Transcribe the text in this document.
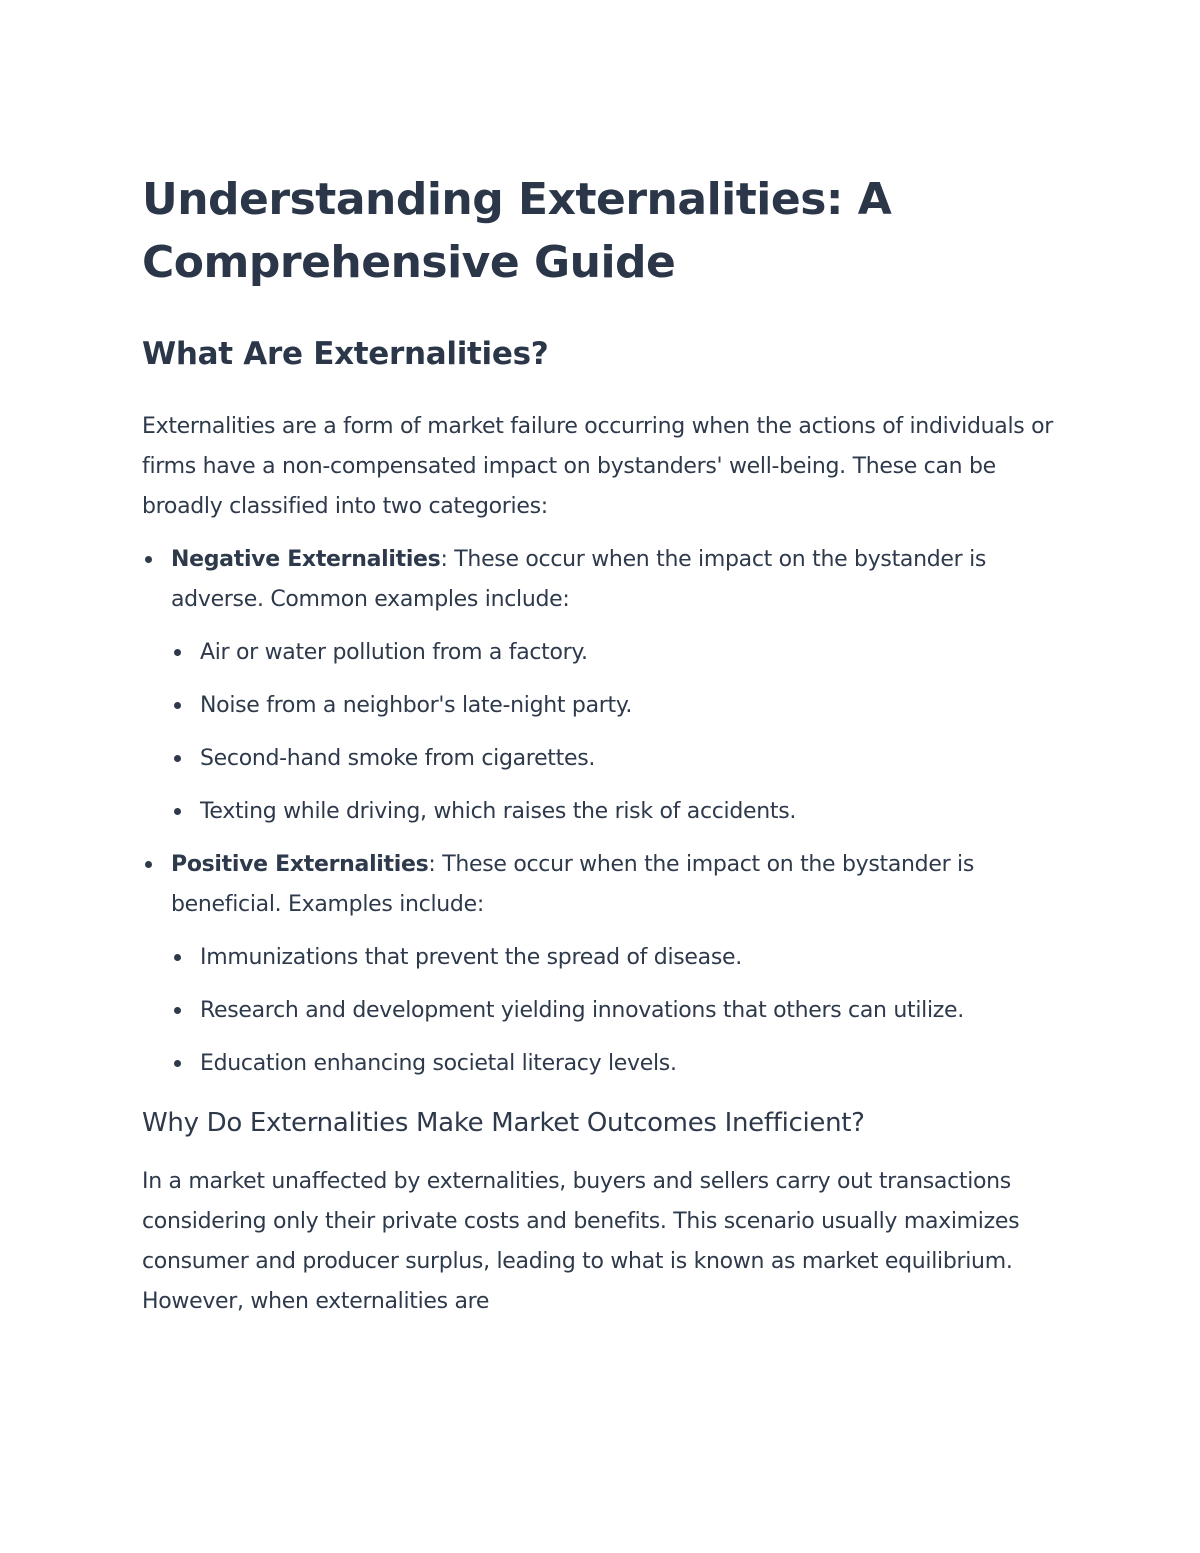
Understanding Externalities: A Comprehensive Guide
What Are Externalities?

Externalities are a form of market failure occurring when the actions of individuals or firms have a non-compensated impact on bystanders' well-being. These can be broadly classified into two categories:

Negative Externalities: These occur when the impact on the bystander is adverse. Common examples include:
Air or water pollution from a factory.
Noise from a neighbor's late-night party.
Second-hand smoke from cigarettes.
Texting while driving, which raises the risk of accidents.
Positive Externalities: These occur when the impact on the bystander is beneficial. Examples include:
Immunizations that prevent the spread of disease.
Research and development yielding innovations that others can utilize.
Education enhancing societal literacy levels.
Why Do Externalities Make Market Outcomes Inefficient?

In a market unaffected by externalities, buyers and sellers carry out transactions considering only their private costs and benefits. This scenario usually maximizes consumer and producer surplus, leading to what is known as market equilibrium. However, when externalities are
